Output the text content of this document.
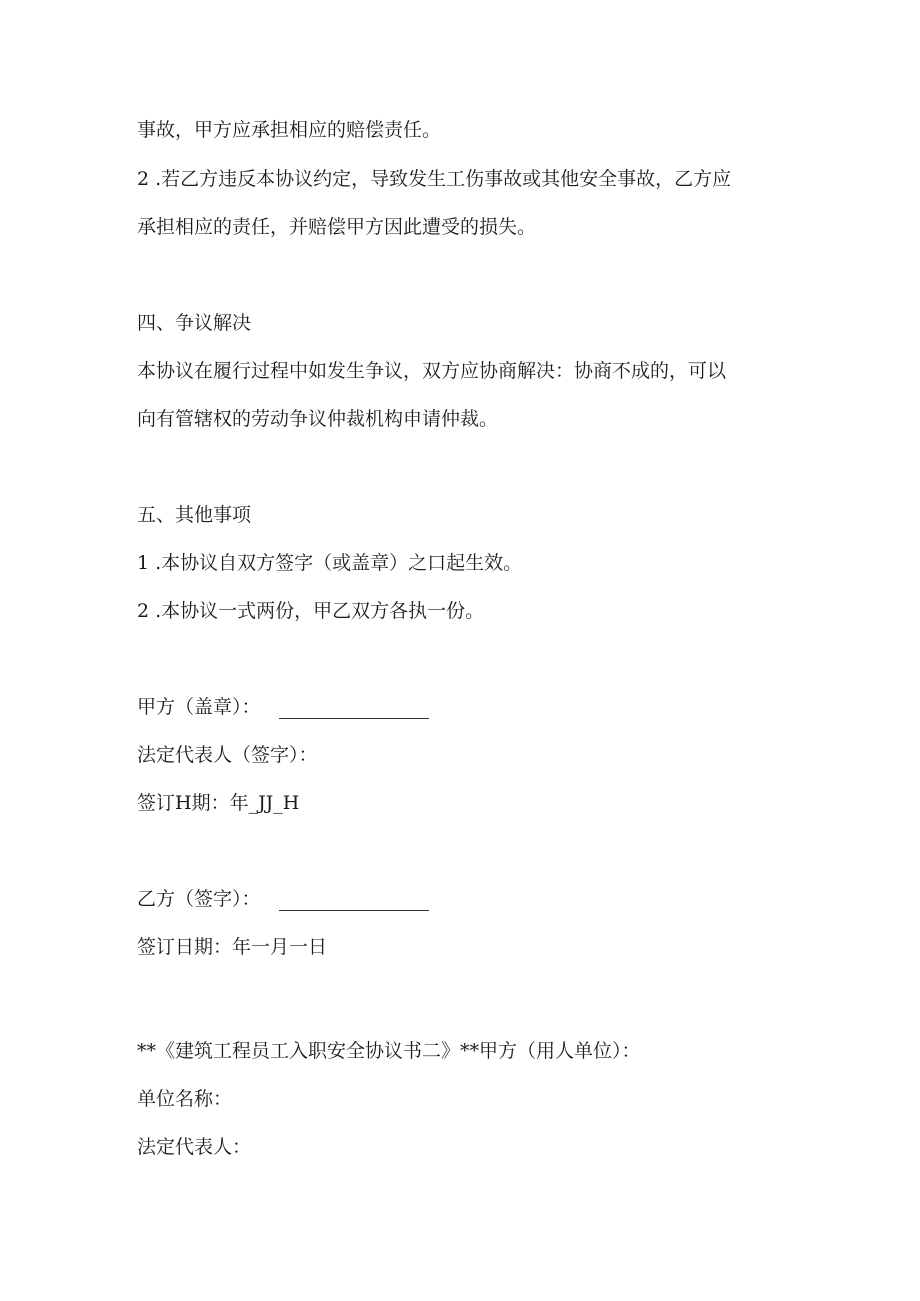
事故，甲方应承担相应的赔偿责任。
2 .若乙方违反本协议约定，导致发生工伤事故或其他安全事故，乙方应
承担相应的责任，并赔偿甲方因此遭受的损失。
四、争议解决
本协议在履行过程中如发生争议，双方应协商解决：协商不成的，可以
向有管辖权的劳动争议仲裁机构申请仲裁。
五、其他事项
1 .本协议自双方签字（或盖章）之口起生效。
2 .本协议一式两份，甲乙双方各执一份。
甲方（盖章）：
法定代表人（签字）：
签订H期：年_JJ_H
乙方（签字）：
签订日期：年一月一日
**《建筑工程员工入职安全协议书二》**甲方（用人单位）：
单位名称：
法定代表人：
